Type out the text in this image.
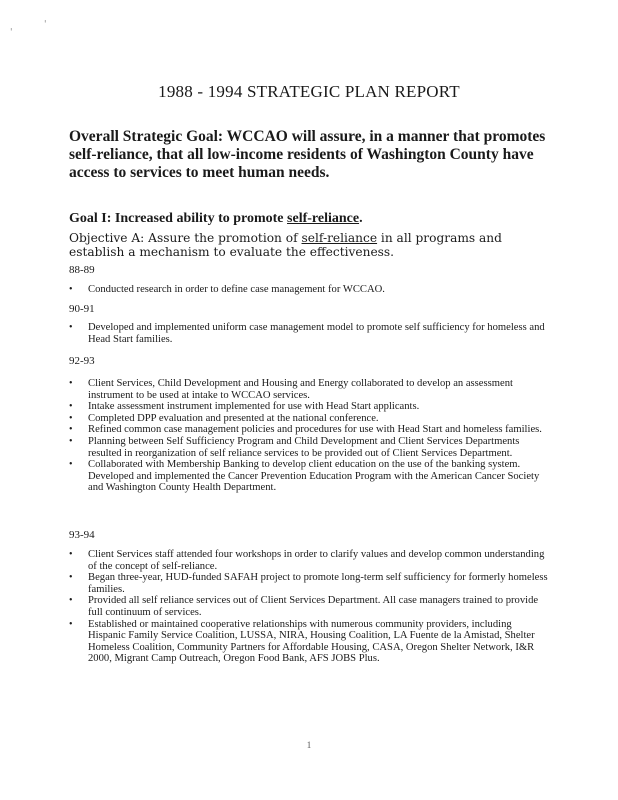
'
'
1988 - 1994 STRATEGIC PLAN REPORT
Overall Strategic Goal: WCCAO will assure, in a manner that promotes self-reliance, that all low-income residents of Washington County have access to services to meet human needs.
Goal I: Increased ability to promote self-reliance.
Objective A: Assure the promotion of self-reliance in all programs and establish a mechanism to evaluate the effectiveness.
88-89
• Conducted research in order to define case management for WCCAO.
90-91
• Developed and implemented uniform case management model to promote self sufficiency for homeless and Head Start families.
92-93
• Client Services, Child Development and Housing and Energy collaborated to develop an assessment instrument to be used at intake to WCCAO services.
• Intake assessment instrument implemented for use with Head Start applicants.
• Completed DPP evaluation and presented at the national conference.
• Refined common case management policies and procedures for use with Head Start and homeless families.
• Planning between Self Sufficiency Program and Child Development and Client Services Departments resulted in reorganization of self reliance services to be provided out of Client Services Department.
• Collaborated with Membership Banking to develop client education on the use of the banking system. Developed and implemented the Cancer Prevention Education Program with the American Cancer Society and Washington County Health Department.
93-94
• Client Services staff attended four workshops in order to clarify values and develop common understanding of the concept of self-reliance.
• Began three-year, HUD-funded SAFAH project to promote long-term self sufficiency for formerly homeless families.
• Provided all self reliance services out of Client Services Department. All case managers trained to provide full continuum of services.
• Established or maintained cooperative relationships with numerous community providers, including Hispanic Family Service Coalition, LUSSA, NIRA, Housing Coalition, LA Fuente de la Amistad, Shelter Homeless Coalition, Community Partners for Affordable Housing, CASA, Oregon Shelter Network, I&R 2000, Migrant Camp Outreach, Oregon Food Bank, AFS JOBS Plus.
1
